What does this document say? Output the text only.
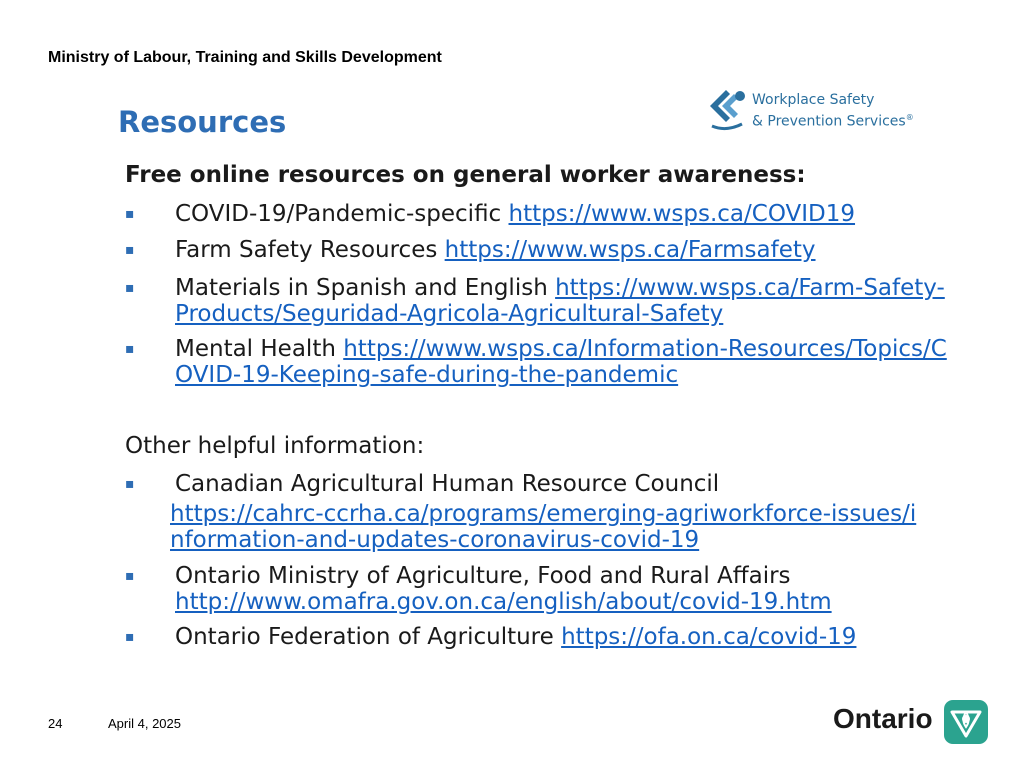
Ministry of Labour, Training and Skills Development
Resources
Workplace Safety
& Prevention Services®
Free online resources on general worker awareness:
▪	COVID-19/Pandemic-specific https://www.wsps.ca/COVID19
▪	Farm Safety Resources https://www.wsps.ca/Farmsafety
▪	Materials in Spanish and English https://www.wsps.ca/Farm-Safety-Products/Seguridad-Agricola-Agricultural-Safety
▪	Mental Health https://www.wsps.ca/Information-Resources/Topics/COVID-19-Keeping-safe-during-the-pandemic
Other helpful information:
▪	Canadian Agricultural Human Resource Council
https://cahrc-ccrha.ca/programs/emerging-agriworkforce-issues/information-and-updates-coronavirus-covid-19
▪	Ontario Ministry of Agriculture, Food and Rural Affairs
http://www.omafra.gov.on.ca/english/about/covid-19.htm
▪	Ontario Federation of Agriculture https://ofa.on.ca/covid-19
24	April 4, 2025	Ontario
